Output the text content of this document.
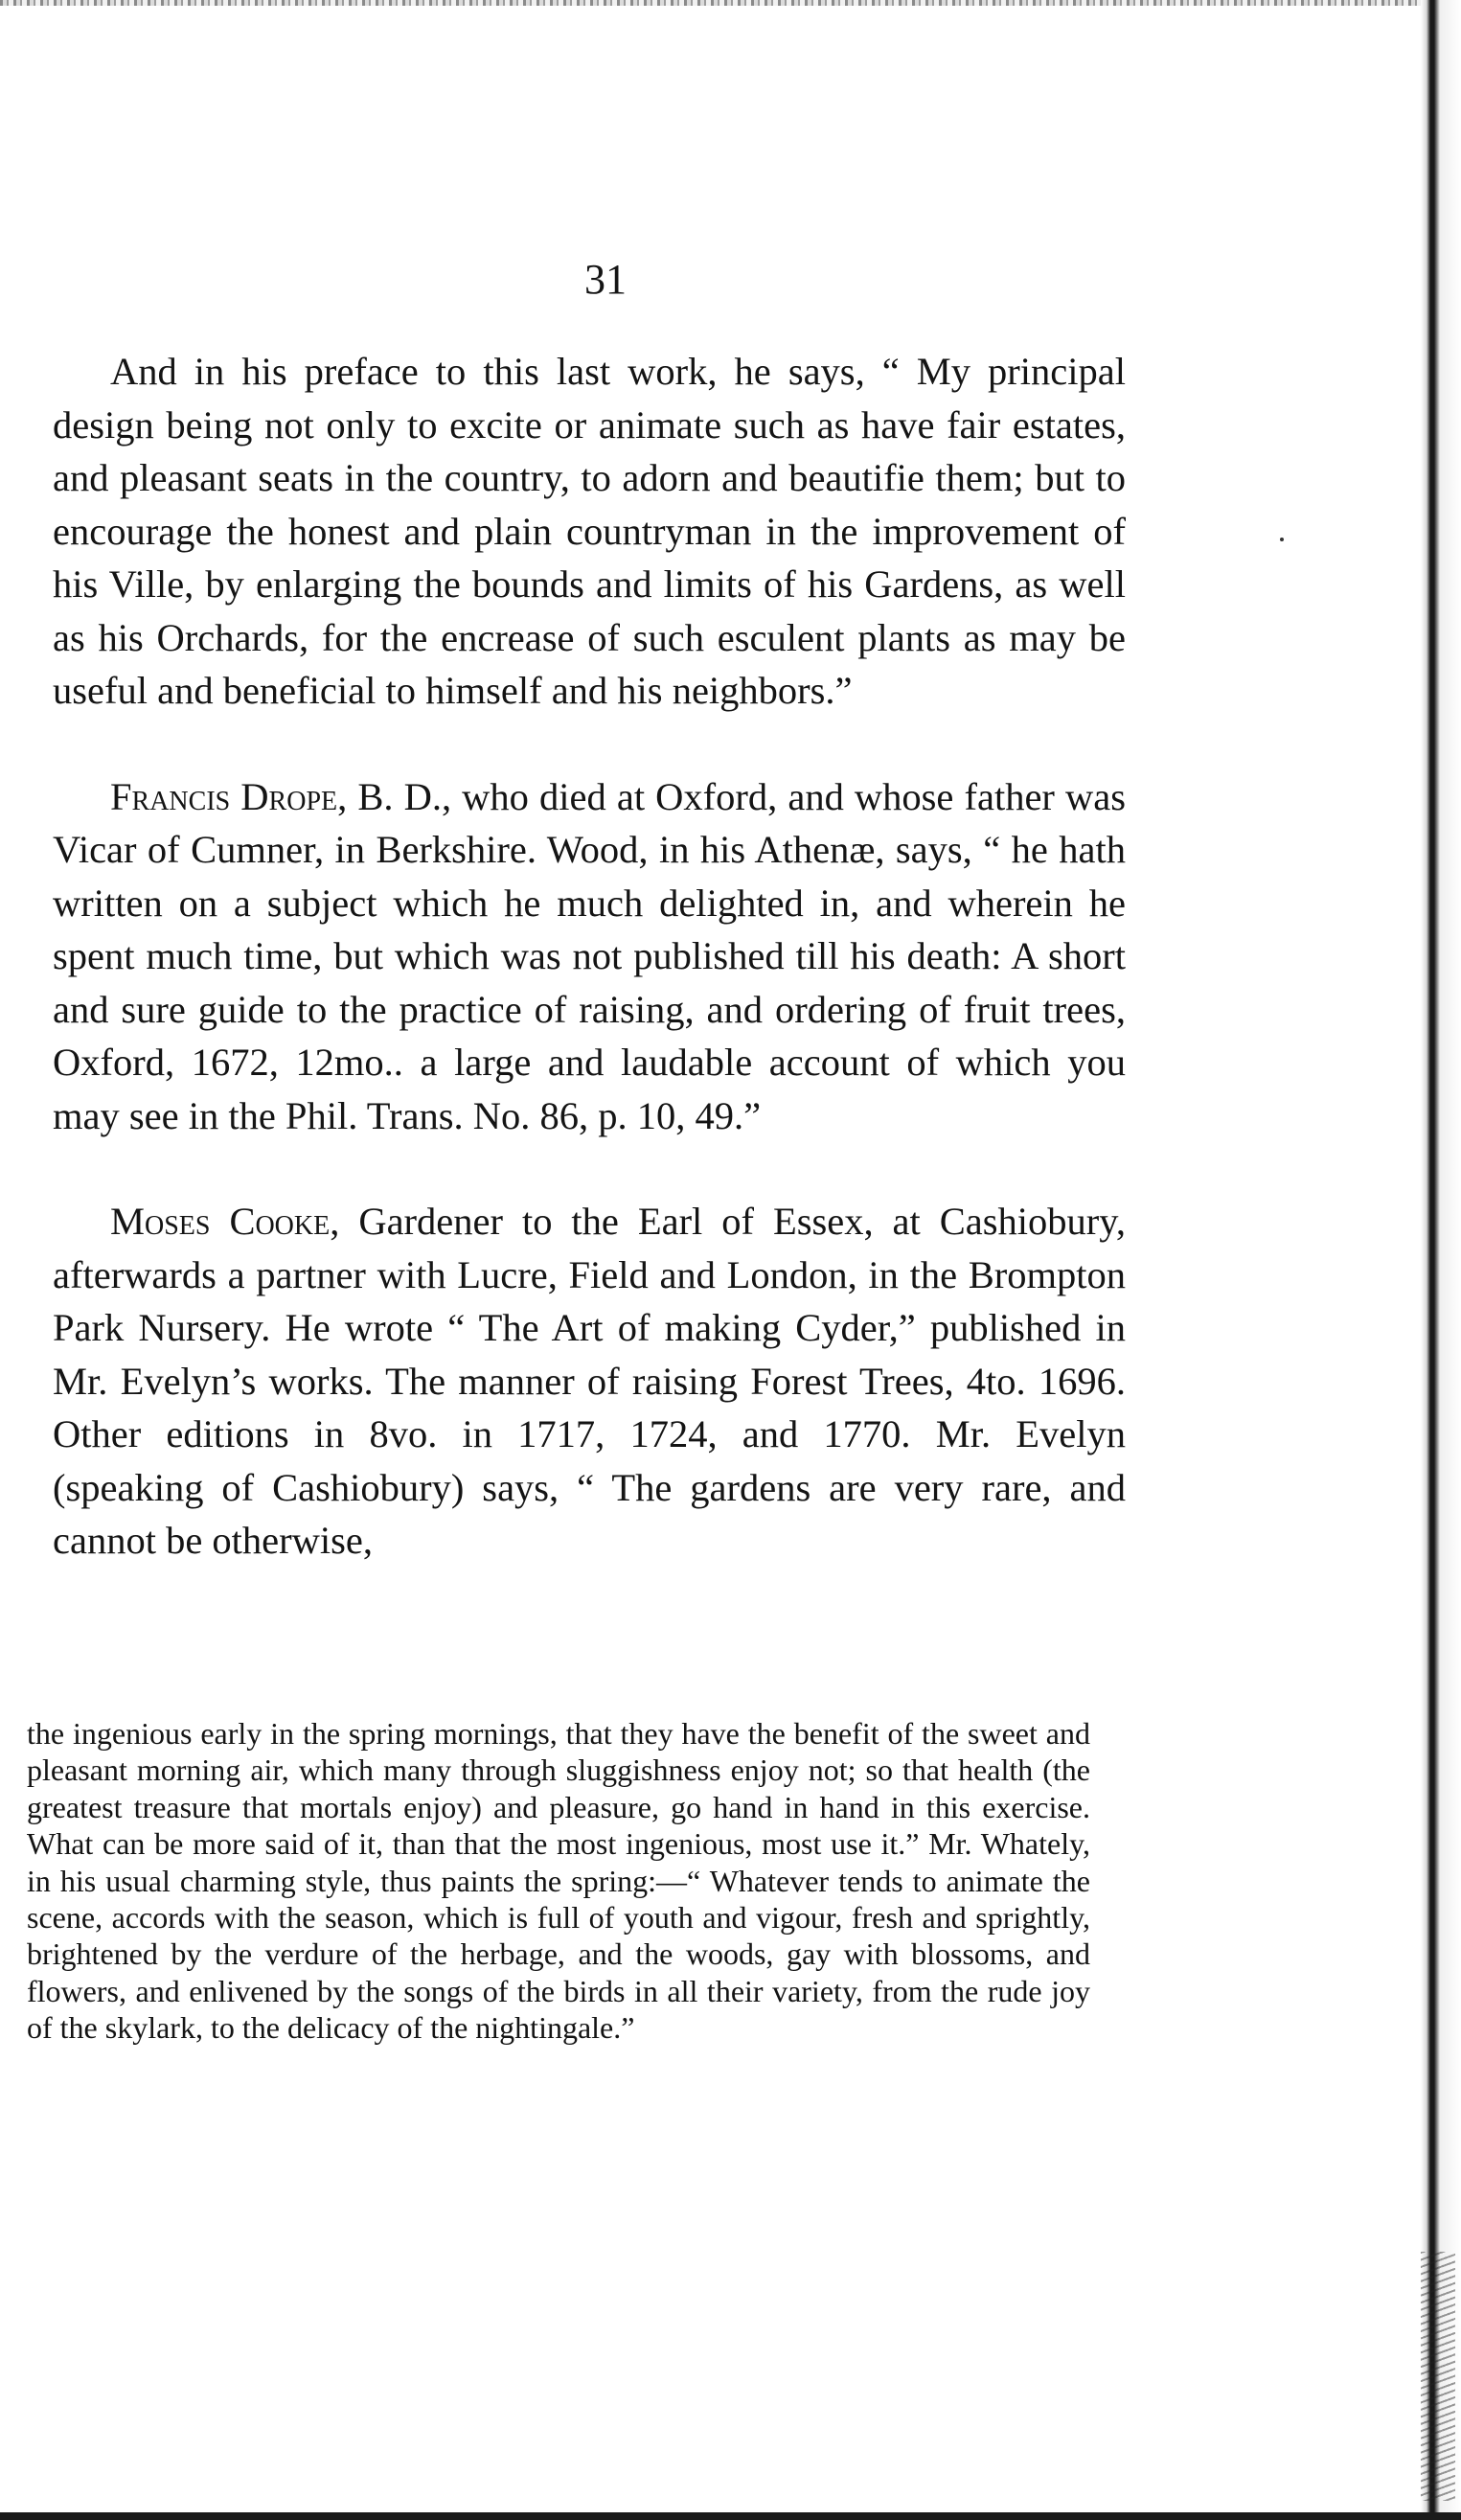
31

And in his preface to this last work, he says, “ My principal design being not only to excite or animate such as have fair estates, and pleasant seats in the country, to adorn and beautifie them; but to encourage the honest and plain countryman in the improvement of his Ville, by enlarging the bounds and limits of his Gardens, as well as his Orchards, for the encrease of such esculent plants as may be useful and beneficial to himself and his neighbors.”

Francis Drope, B. D., who died at Oxford, and whose father was Vicar of Cumner, in Berkshire. Wood, in his Athenæ, says, “ he hath written on a subject which he much delighted in, and wherein he spent much time, but which was not published till his death: A short and sure guide to the practice of raising, and ordering of fruit trees, Oxford, 1672, 12mo.. a large and laudable account of which you may see in the Phil. Trans. No. 86, p. 10, 49.”

Moses Cooke, Gardener to the Earl of Essex, at Cashiobury, afterwards a partner with Lucre, Field and London, in the Brompton Park Nursery. He wrote “ The Art of making Cyder,” published in Mr. Evelyn’s works. The manner of raising Forest Trees, 4to. 1696. Other editions in 8vo. in 1717, 1724, and 1770. Mr. Evelyn (speaking of Cashiobury) says, “ The gardens are very rare, and cannot be otherwise,

the ingenious early in the spring mornings, that they have the benefit of the sweet and pleasant morning air, which many through sluggishness enjoy not; so that health (the greatest treasure that mortals enjoy) and pleasure, go hand in hand in this exercise. What can be more said of it, than that the most ingenious, most use it.” Mr. Whately, in his usual charming style, thus paints the spring:—“ Whatever tends to animate the scene, accords with the season, which is full of youth and vigour, fresh and sprightly, brightened by the verdure of the herbage, and the woods, gay with blossoms, and flowers, and enlivened by the songs of the birds in all their variety, from the rude joy of the skylark, to the delicacy of the nightingale.”
